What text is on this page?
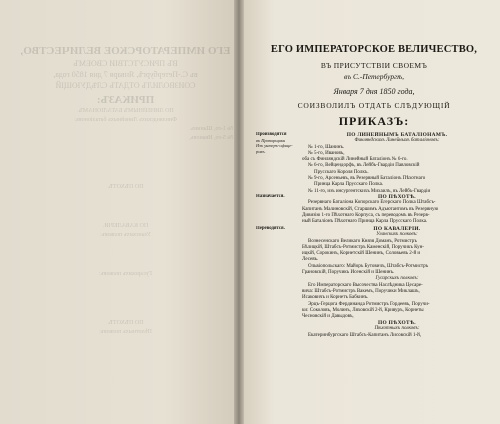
ЕГО ИМПЕРАТОРСКОЕ ВЕЛИЧЕСТВО,
ВЪ ПРИСУТСТВІИ СВОЕМЪ
въ С.-Петербургѣ, Января 7 дня 1850 года,
СОИЗВОЛИЛЪ ОТДАТЬ СЛѢДУЮЩІЙ
ПРИКАЗЪ:
ПО ЛИНЕЙНЫМЪ БАТАЛІОНАМЪ.
Финляндскихъ Линейныхъ баталіоновъ:
№ 1-го, Шанинъ.
№ 5-го, Ивановъ,
ПО ПѢХОТѢ.
ПО КАВАЛЕРІИ.
Уланскихъ полковъ:
Гусарскихъ полковъ:
ПО ПѢХОТѢ.
Пѣхотныхъ полковъ:
ЕГО ИМПЕРАТОРСКОЕ ВЕЛИЧЕСТВО,
ВЪ ПРИСУТСТВІИ СВОЕМЪ
въ С.-Петербургѣ,
Января 7 дня 1850 года,
СОИЗВОЛИЛЪ ОТДАТЬ СЛѢДУЮЩІЙ
ПРИКАЗЪ:
Производятся
въ Прапорщики
Изъ унтеръ-офице-
ровъ.
ПО ЛИНЕЙНЫМЪ БАТАЛІОНАМЪ.
Финляндскихъ Линейныхъ баталіоновъ:
№ 1-го, Шанинъ.
№ 5-го, Ивановъ,
оба съ Финляндскій Линейный Баталіонъ № 6-го.
№ 6-го, Вейцендорфъ, въ Лейбъ-Гвардіи Павловскій
Прусскаго Короля Полкъ.
№ 9-го, Арсеньевъ, въ Резервный Баталіонъ Пѣхотнаго
Принца Карла Прусскаго Полка.
№ 11-го, изъ инсургентскихъ Михаилъ, въ Лейбъ-Гвардіи
Назначается.	ПО ПѢХОТѢ.
Резервнаго Баталіона Копорскаго Егерскаго Полка Штабсъ-
Капитанъ Малиновскій, Старшимъ Адъютантомъ въ Резервную
Дивизію 1-го Пѣхотнаго Корпуса, съ переводомъ въ Резерв-
ный Баталіонъ Пѣхотнаго Принца Карла Прусскаго Полка.
Переводятся.	ПО КАВАЛЕРІИ.
Уланскихъ полковъ:
Вознесенскаго Великаго Князя Доманъ, Ротмистръ
Бѣлицкій, Штабсъ-Ротмистръ Каменскій, Поручикъ Кун-
ицкій, Сорокинъ, Корнетскій Шенинъ, Соловьевъ 2-й и
Лесевъ.
Ольвіопольскаго: Майоръ Бутовичъ, Штабсъ-Ротмистръ
Грановскій, Поручикъ Исенскій и Шенинъ.
Гусарскихъ полковъ:
Его Императорскаго Высочества Наслѣдника Цесаре-
вича: Штабсъ-Ротмистръ Вакемъ, Поручики Миклашъ,
Исаковичъ и Корнетъ Бабкинъ.
Эрцъ-Герцога Фердинанда Ротмистръ Гордеевъ, Поручи-
ки: Соколовъ, Молинъ, Ляховскій 2-й, Кривуръ, Корнеты
Чесновскій и Давыдовъ,
ПО ПѢХОТѢ.
Пѣхотныхъ полковъ:
Екатеринбургскаго Штабсъ-Капитанъ Лисовскій 1-й,
